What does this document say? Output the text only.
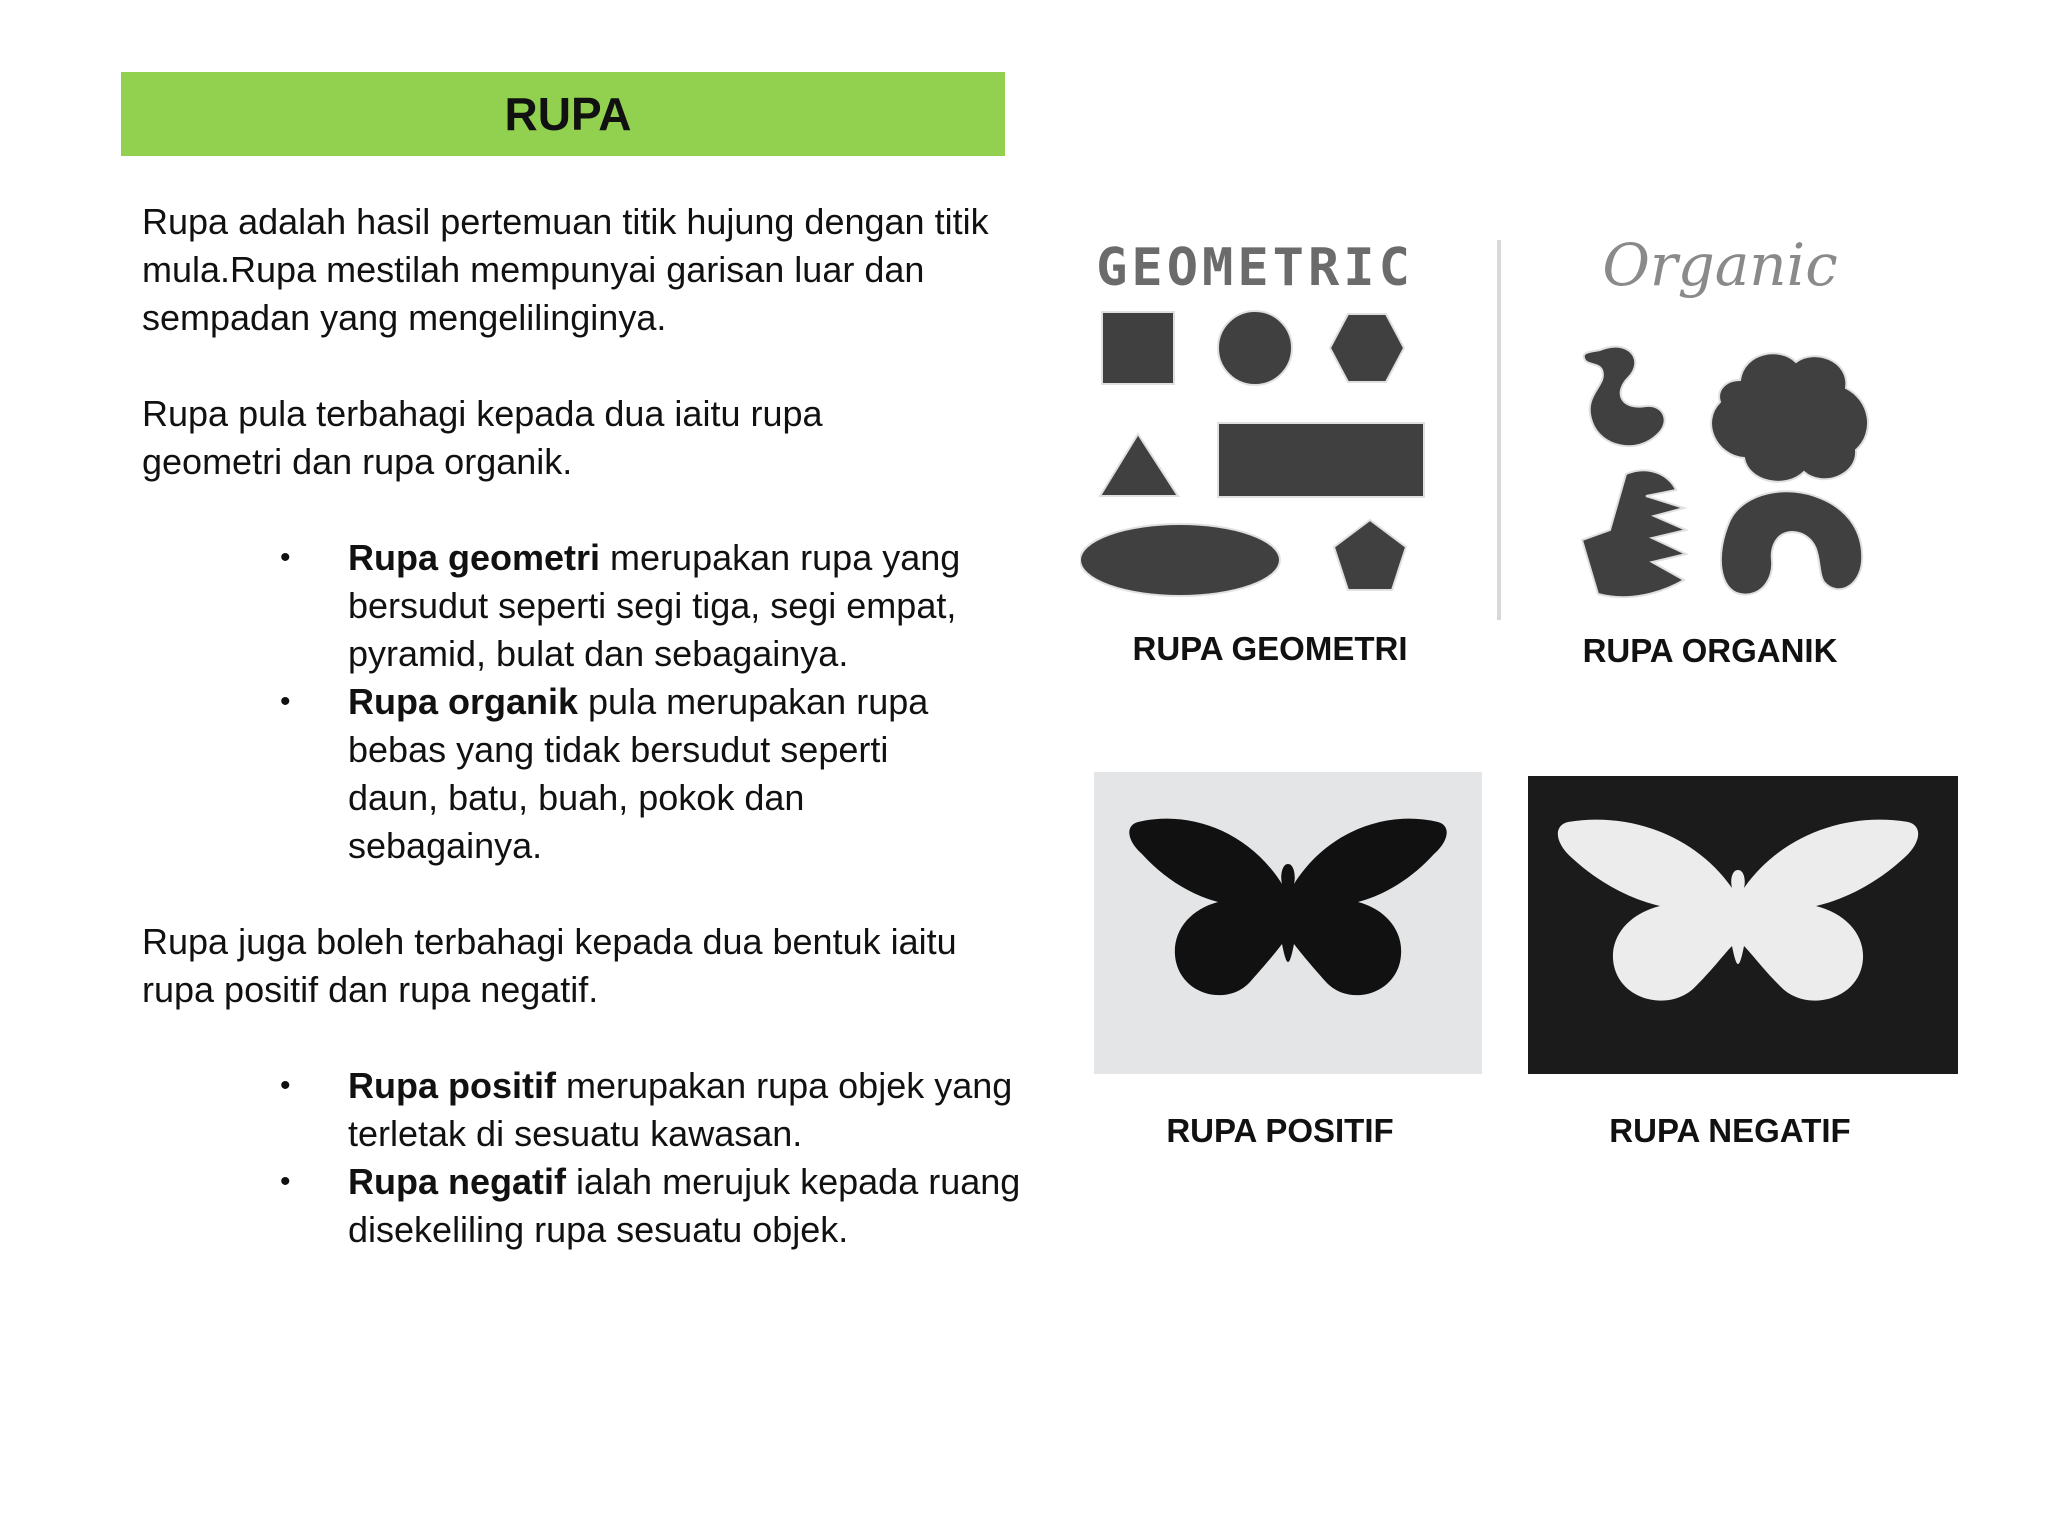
RUPA

Rupa adalah hasil pertemuan titik hujung dengan titik mula.Rupa mestilah mempunyai garisan luar dan sempadan yang mengelilinginya.

Rupa pula terbahagi kepada dua iaitu rupa geometri dan rupa organik.

• Rupa geometri merupakan rupa yang bersudut seperti segi tiga, segi empat, pyramid, bulat dan sebagainya.
• Rupa organik pula merupakan rupa bebas yang tidak bersudut seperti daun, batu, buah, pokok dan sebagainya.

Rupa juga boleh terbahagi kepada dua bentuk iaitu rupa positif dan rupa negatif.

• Rupa positif merupakan rupa objek yang terletak di sesuatu kawasan.
• Rupa negatif ialah merujuk kepada ruang disekeliling rupa sesuatu objek.
GEOMETRIC	Organic
RUPA GEOMETRI	RUPA ORGANIK
RUPA POSITIF	RUPA NEGATIF
